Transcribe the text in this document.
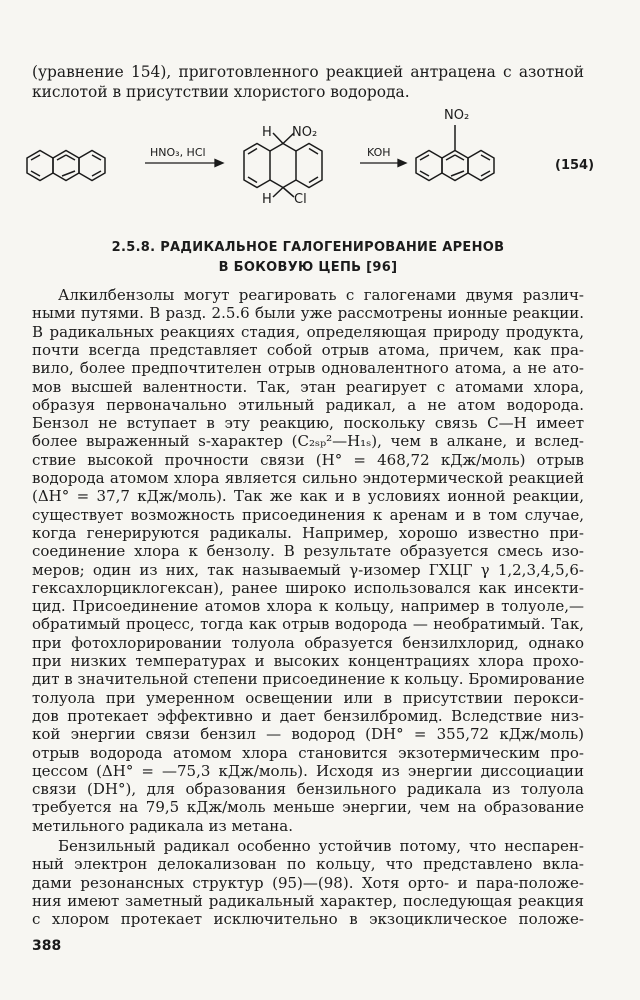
(уравнение 154), приготовленного реакцией антрацена с азотной
кислотой в присутствии хлористого водорода.
HNO₃, HCl
H NO₂
H Cl
KOH
NO₂
(154)
2.5.8. РАДИКАЛЬНОЕ ГАЛОГЕНИРОВАНИЕ АРЕНОВ
В БОКОВУЮ ЦЕПЬ [96]
Алкилбензолы могут реагировать с галогенами двумя различ-
ными путями. В разд. 2.5.6 были уже рассмотрены ионные реакции.
В радикальных реакциях стадия, определяющая природу продукта,
почти всегда представляет собой отрыв атома, причем, как пра-
вило, более предпочтителен отрыв одновалентного атома, а не ато-
мов высшей валентности. Так, этан реагирует с атомами хлора,
образуя первоначально этильный радикал, а не атом водорода.
Бензол не вступает в эту реакцию, поскольку связь C—H имеет
более выраженный s-характер (C₂ₛₚ²—H₁ₛ), чем в алкане, и вслед-
ствие высокой прочности связи (H° = 468,72 кДж/моль) отрыв
водорода атомом хлора является сильно эндотермической реакцией
(ΔH° = 37,7 кДж/моль). Так же как и в условиях ионной реакции,
существует возможность присоединения к аренам и в том случае,
когда генерируются радикалы. Например, хорошо известно при-
соединение хлора к бензолу. В результате образуется смесь изо-
меров; один из них, так называемый γ-изомер ГХЦГ γ 1,2,3,4,5,6-
гексахлорциклогексан), ранее широко использовался как инсекти-
цид. Присоединение атомов хлора к кольцу, например в толуоле,—
обратимый процесс, тогда как отрыв водорода — необратимый. Так,
при фотохлорировании толуола образуется бензилхлорид, однако
при низких температурах и высоких концентрациях хлора прохо-
дит в значительной степени присоединение к кольцу. Бромирование
толуола при умеренном освещении или в присутствии перокси-
дов протекает эффективно и дает бензилбромид. Вследствие низ-
кой энергии связи бензил — водород (DH° = 355,72 кДж/моль)
отрыв водорода атомом хлора становится экзотермическим про-
цессом (ΔH° = —75,3 кДж/моль). Исходя из энергии диссоциации
связи (DH°), для образования бензильного радикала из толуола
требуется на 79,5 кДж/моль меньше энергии, чем на образование
метильного радикала из метана.
Бензильный радикал особенно устойчив потому, что неспарен-
ный электрон делокализован по кольцу, что представлено вкла-
дами резонансных структур (95)—(98). Хотя орто- и пара-положе-
ния имеют заметный радикальный характер, последующая реакция
с хлором протекает исключительно в экзоциклическое положе-
388
